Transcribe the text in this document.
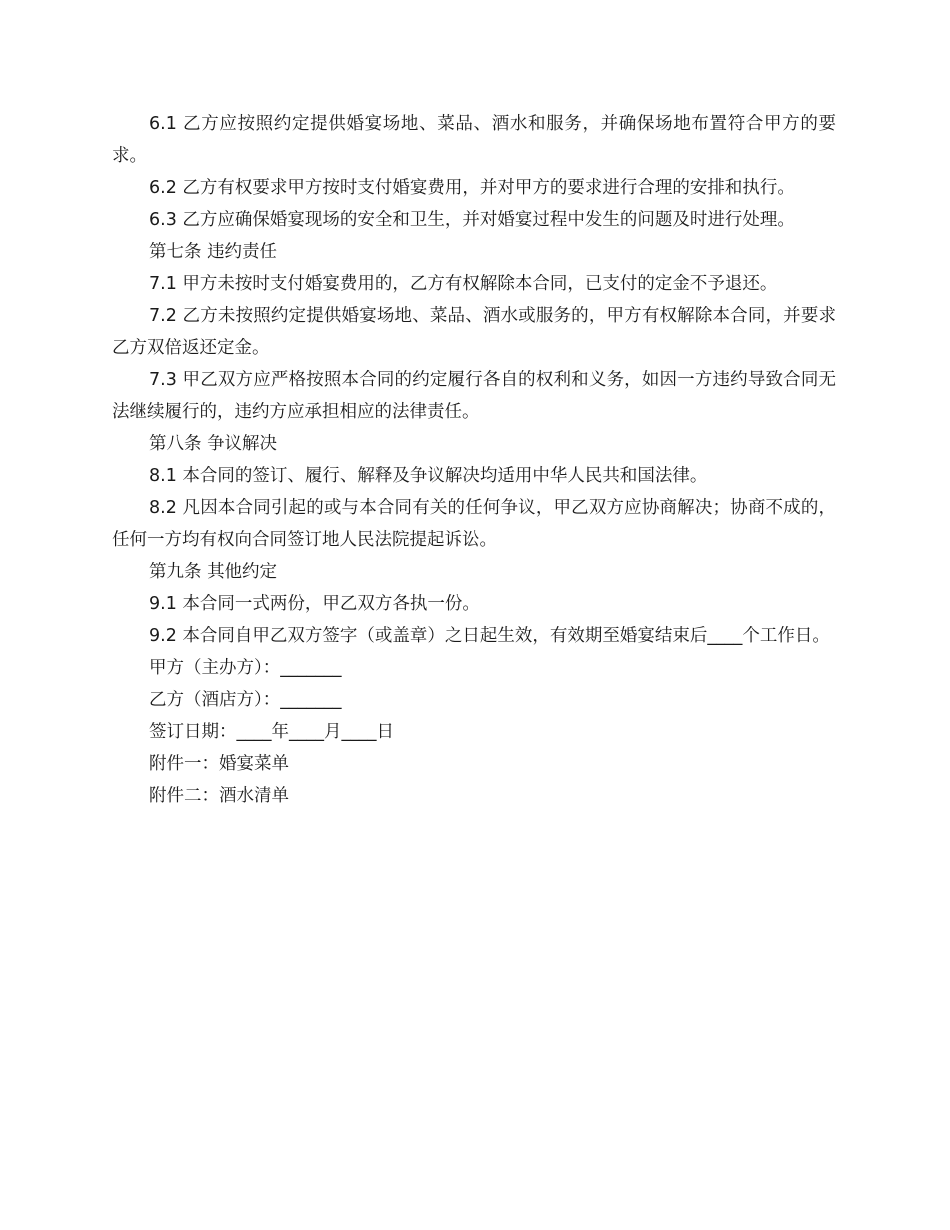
6.1 乙方应按照约定提供婚宴场地、菜品、酒水和服务，并确保场地布置符合甲方的要求。

6.2 乙方有权要求甲方按时支付婚宴费用，并对甲方的要求进行合理的安排和执行。

6.3 乙方应确保婚宴现场的安全和卫生，并对婚宴过程中发生的问题及时进行处理。

第七条 违约责任

7.1 甲方未按时支付婚宴费用的，乙方有权解除本合同，已支付的定金不予退还。

7.2 乙方未按照约定提供婚宴场地、菜品、酒水或服务的，甲方有权解除本合同，并要求乙方双倍返还定金。

7.3 甲乙双方应严格按照本合同的约定履行各自的权利和义务，如因一方违约导致合同无法继续履行的，违约方应承担相应的法律责任。

第八条 争议解决

8.1 本合同的签订、履行、解释及争议解决均适用中华人民共和国法律。

8.2 凡因本合同引起的或与本合同有关的任何争议，甲乙双方应协商解决；协商不成的，任何一方均有权向合同签订地人民法院提起诉讼。

第九条 其他约定

9.1 本合同一式两份，甲乙双方各执一份。

9.2 本合同自甲乙双方签字（或盖章）之日起生效，有效期至婚宴结束后____个工作日。

甲方（主办方）：_______

乙方（酒店方）：_______

签订日期：____年____月____日

附件一：婚宴菜单

附件二：酒水清单
